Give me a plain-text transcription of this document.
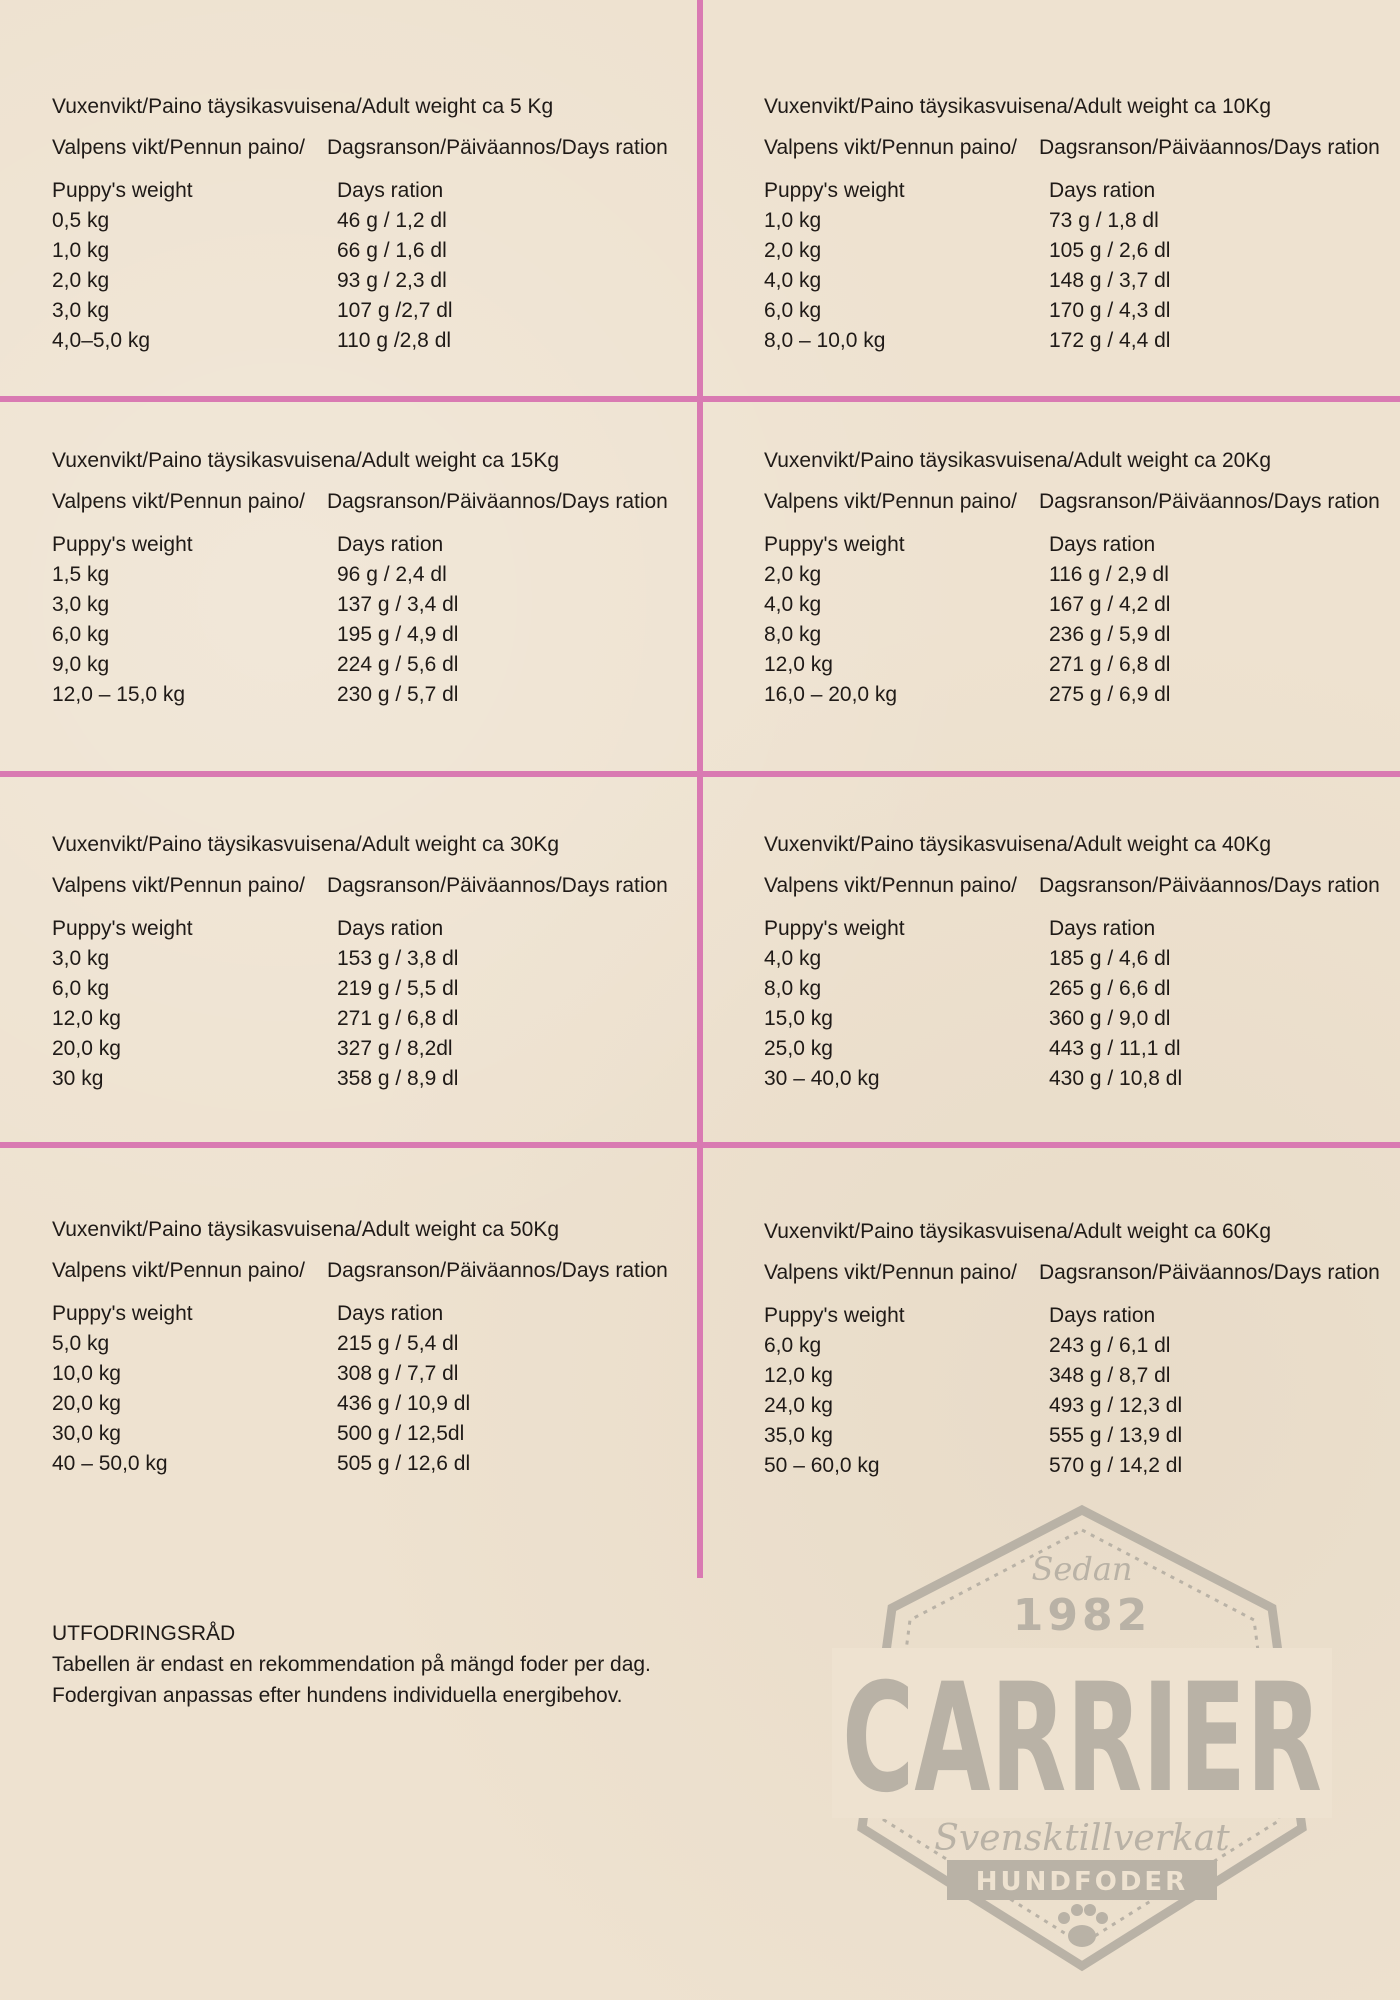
Vuxenvikt/Paino täysikasvuisena/Adult weight ca 5 Kg
Valpens vikt/Pennun paino/ Dagsranson/Päiväannos/Days ration
Puppy's weight
0,5 kg
1,0 kg
2,0 kg
3,0 kg
4,0–5,0 kg
Days ration
46 g / 1,2 dl
66 g / 1,6 dl
93 g / 2,3 dl
107 g /2,7 dl
110 g /2,8 dl
Vuxenvikt/Paino täysikasvuisena/Adult weight ca 10Kg
Valpens vikt/Pennun paino/ Dagsranson/Päiväannos/Days ration
Puppy's weight
1,0 kg
2,0 kg
4,0 kg
6,0 kg
8,0 – 10,0 kg
Days ration
73 g / 1,8 dl
105 g / 2,6 dl
148 g / 3,7 dl
170 g / 4,3 dl
172 g / 4,4 dl
Vuxenvikt/Paino täysikasvuisena/Adult weight ca 15Kg
Valpens vikt/Pennun paino/ Dagsranson/Päiväannos/Days ration
Puppy's weight
1,5 kg
3,0 kg
6,0 kg
9,0 kg
12,0 – 15,0 kg
Days ration
96 g / 2,4 dl
137 g / 3,4 dl
195 g / 4,9 dl
224 g / 5,6 dl
230 g / 5,7 dl
Vuxenvikt/Paino täysikasvuisena/Adult weight ca 20Kg
Valpens vikt/Pennun paino/ Dagsranson/Päiväannos/Days ration
Puppy's weight
2,0 kg
4,0 kg
8,0 kg
12,0 kg
16,0 – 20,0 kg
Days ration
116 g / 2,9 dl
167 g / 4,2 dl
236 g / 5,9 dl
271 g / 6,8 dl
275 g / 6,9 dl
Vuxenvikt/Paino täysikasvuisena/Adult weight ca 30Kg
Valpens vikt/Pennun paino/ Dagsranson/Päiväannos/Days ration
Puppy's weight
3,0 kg
6,0 kg
12,0 kg
20,0 kg
30 kg
Days ration
153 g / 3,8 dl
219 g / 5,5 dl
271 g / 6,8 dl
327 g / 8,2dl
358 g / 8,9 dl
Vuxenvikt/Paino täysikasvuisena/Adult weight ca 40Kg
Valpens vikt/Pennun paino/ Dagsranson/Päiväannos/Days ration
Puppy's weight
4,0 kg
8,0 kg
15,0 kg
25,0 kg
30 – 40,0 kg
Days ration
185 g / 4,6 dl
265 g / 6,6 dl
360 g / 9,0 dl
443 g / 11,1 dl
430 g / 10,8 dl
Vuxenvikt/Paino täysikasvuisena/Adult weight ca 50Kg
Valpens vikt/Pennun paino/ Dagsranson/Päiväannos/Days ration
Puppy's weight
5,0 kg
10,0 kg
20,0 kg
30,0 kg
40 – 50,0 kg
Days ration
215 g / 5,4 dl
308 g / 7,7 dl
436 g / 10,9 dl
500 g / 12,5dl
505 g / 12,6 dl
Vuxenvikt/Paino täysikasvuisena/Adult weight ca 60Kg
Valpens vikt/Pennun paino/ Dagsranson/Päiväannos/Days ration
Puppy's weight
6,0 kg
12,0 kg
24,0 kg
35,0 kg
50 – 60,0 kg
Days ration
243 g / 6,1 dl
348 g / 8,7 dl
493 g / 12,3 dl
555 g / 13,9 dl
570 g / 14,2 dl
UTFODRINGSRÅD
Tabellen är endast en rekommendation på mängd foder per dag.
Fodergivan anpassas efter hundens individuella energibehov.
Sedan
1982
CARRIER
Svensktillverkat
HUNDFODER
